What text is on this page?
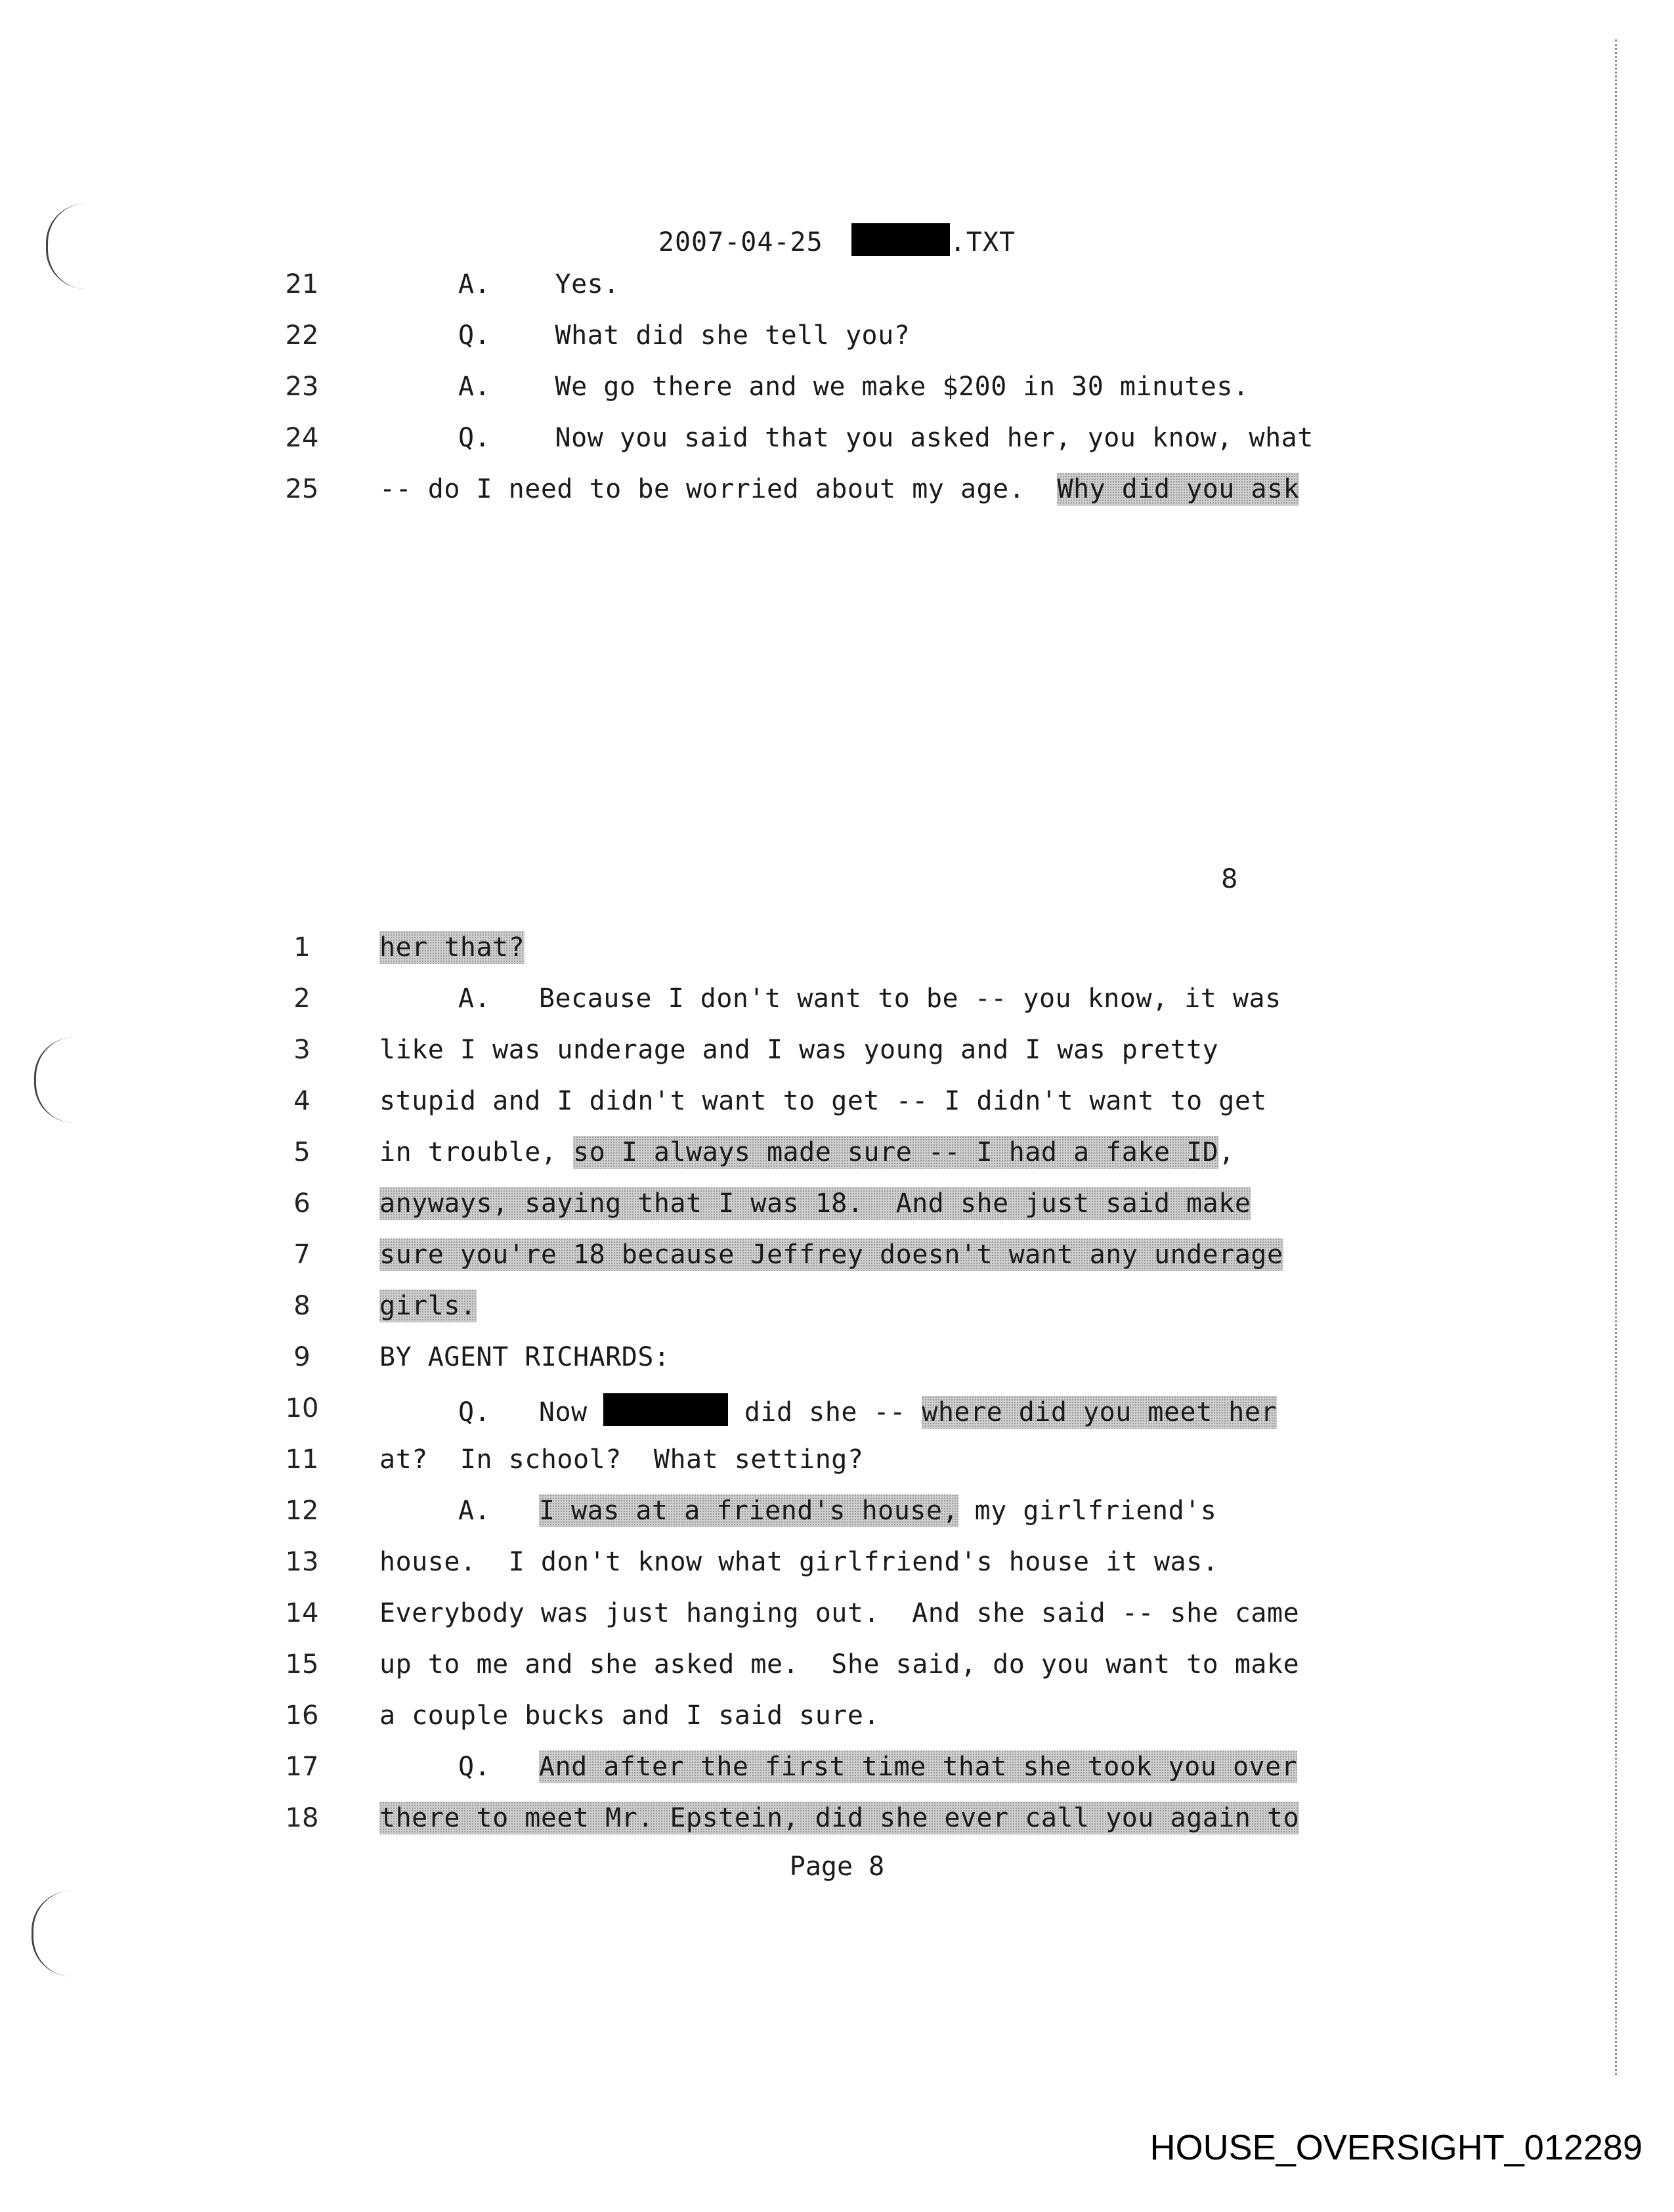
2007-04-25	.TXT
21	A.    Yes.
22	Q.    What did she tell you?
23	A.    We go there and we make $200 in 30 minutes.
24	Q.    Now you said that you asked her, you know, what
25	-- do I need to be worried about my age.  Why did you ask
8
1	her that?
2	A.   Because I don't want to be -- you know, it was
3	like I was underage and I was young and I was pretty
4	stupid and I didn't want to get -- I didn't want to get
5	in trouble, so I always made sure -- I had a fake ID,
6	anyways, saying that I was 18.  And she just said make
7	sure you're 18 because Jeffrey doesn't want any underage
8	girls.
9	BY AGENT RICHARDS:
10	Q.   Now	did she -- where did you meet her
11	at?  In school?  What setting?
12	A.   I was at a friend's house, my girlfriend's
13	house.  I don't know what girlfriend's house it was.
14	Everybody was just hanging out.  And she said -- she came
15	up to me and she asked me.  She said, do you want to make
16	a couple bucks and I said sure.
17	Q.   And after the first time that she took you over
18	there to meet Mr. Epstein, did she ever call you again to
Page 8
HOUSE_OVERSIGHT_012289
